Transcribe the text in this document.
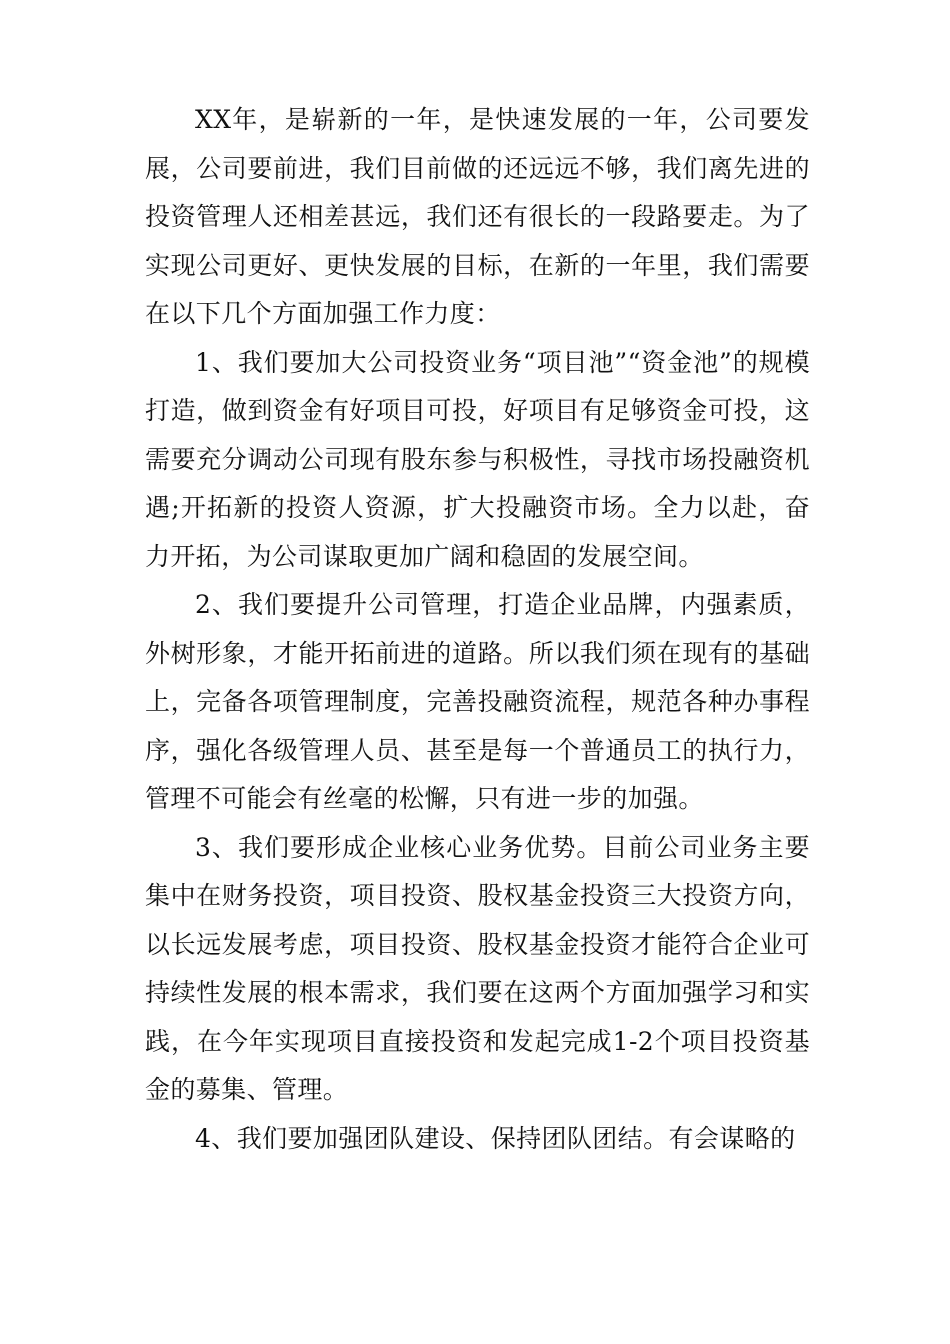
XX年，是崭新的一年，是快速发展的一年，公司要发展，公司要前进，我们目前做的还远远不够，我们离先进的投资管理人还相差甚远，我们还有很长的一段路要走。为了实现公司更好、更快发展的目标，在新的一年里，我们需要在以下几个方面加强工作力度：

1、我们要加大公司投资业务“项目池”“资金池”的规模打造，做到资金有好项目可投，好项目有足够资金可投，这需要充分调动公司现有股东参与积极性，寻找市场投融资机遇;开拓新的投资人资源，扩大投融资市场。全力以赴，奋力开拓，为公司谋取更加广阔和稳固的发展空间。

2、我们要提升公司管理，打造企业品牌，内强素质，外树形象，才能开拓前进的道路。所以我们须在现有的基础上，完备各项管理制度，完善投融资流程，规范各种办事程序，强化各级管理人员、甚至是每一个普通员工的执行力，管理不可能会有丝毫的松懈，只有进一步的加强。

3、我们要形成企业核心业务优势。目前公司业务主要集中在财务投资，项目投资、股权基金投资三大投资方向，以长远发展考虑，项目投资、股权基金投资才能符合企业可持续性发展的根本需求，我们要在这两个方面加强学习和实践，在今年实现项目直接投资和发起完成1-2个项目投资基金的募集、管理。

4、我们要加强团队建设、保持团队团结。有会谋略的
